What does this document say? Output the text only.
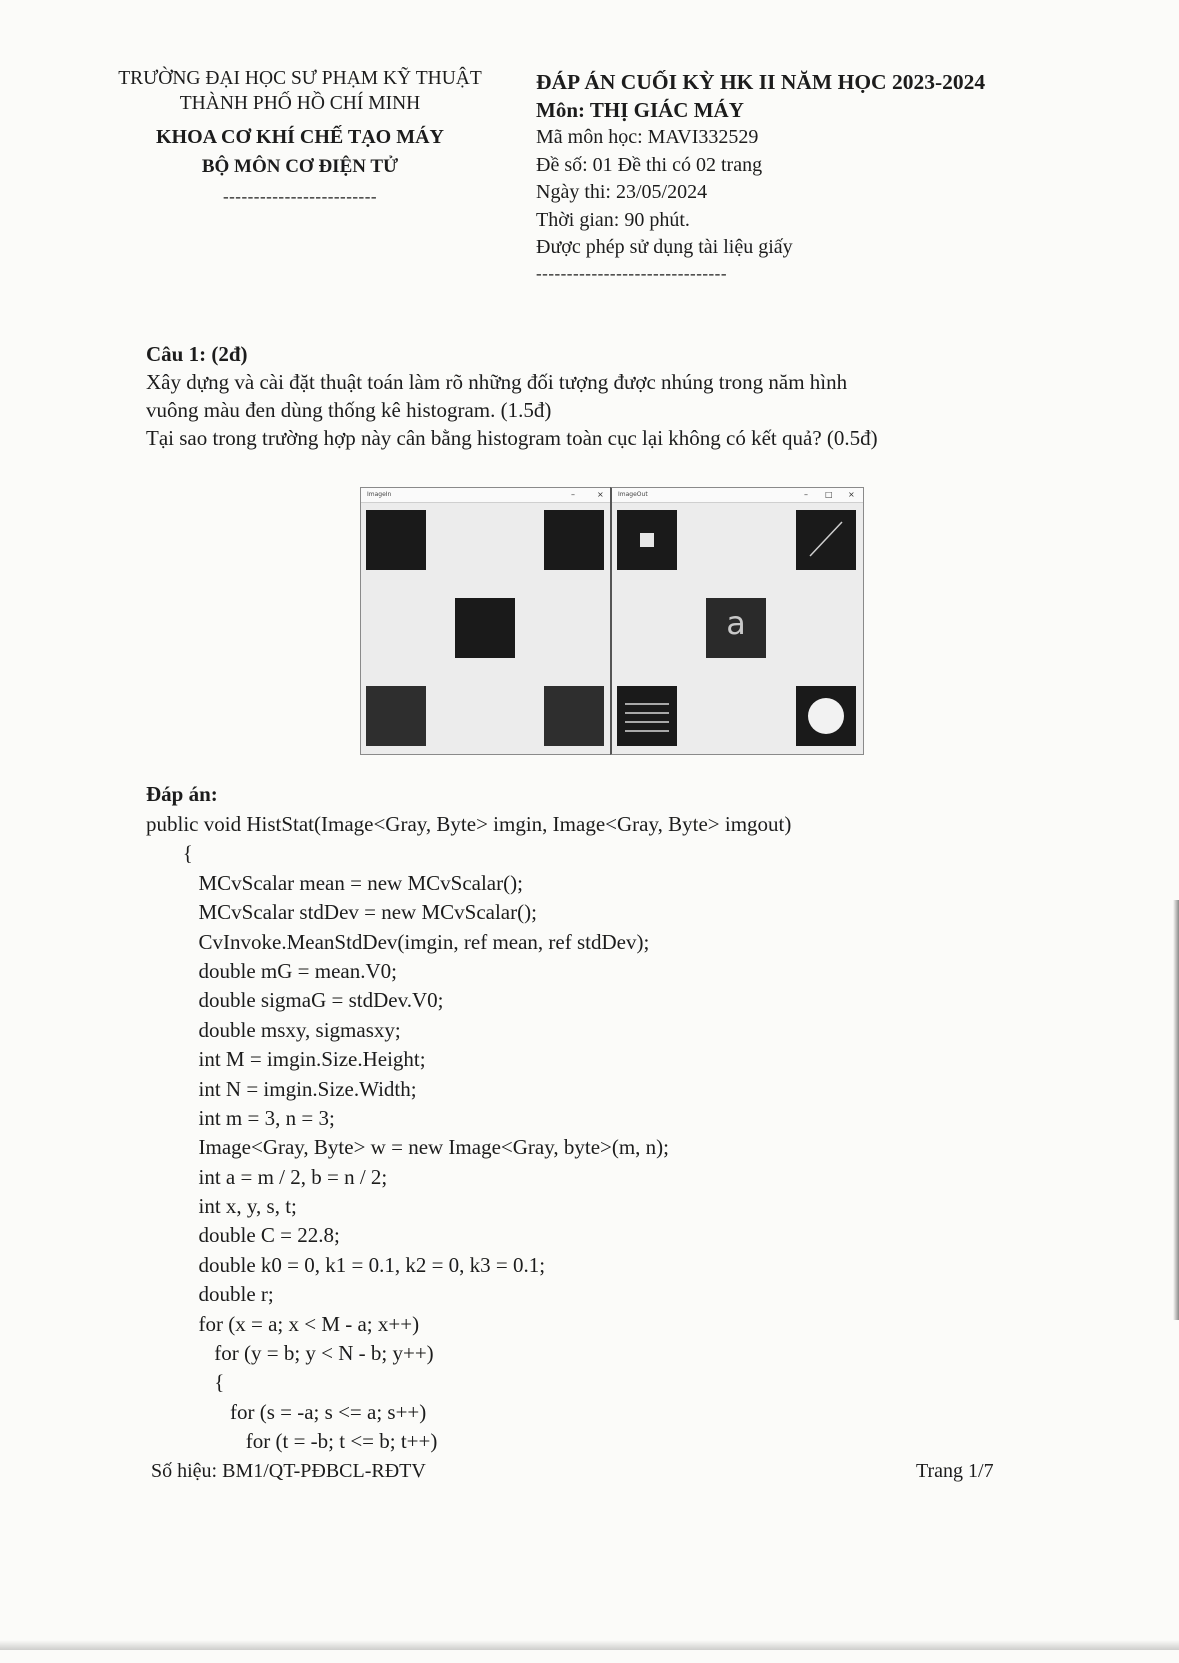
TRƯỜNG ĐẠI HỌC SƯ PHẠM KỸ THUẬT
THÀNH PHỐ HỒ CHÍ MINH
KHOA CƠ KHÍ CHẾ TẠO MÁY
BỘ MÔN CƠ ĐIỆN TỬ
-------------------------
ĐÁP ÁN CUỐI KỲ HK II NĂM HỌC 2023-2024
Môn: THỊ GIÁC MÁY
Mã môn học: MAVI332529
Đề số: 01 Đề thi có 02 trang
Ngày thi: 23/05/2024
Thời gian: 90 phút.
Được phép sử dụng tài liệu giấy
-------------------------------

Câu 1: (2đ)

Xây dựng và cài đặt thuật toán làm rõ những đối tượng được nhúng trong năm hình

vuông màu đen dùng thống kê histogram. (1.5đ)

Tại sao trong trường hợp này cân bằng histogram toàn cục lại không có kết quả? (0.5đ)

ImageIn	–	× ImageOut	– □ ×
a
Đáp án:
public void HistStat(Image<Gray, Byte> imgin, Image<Gray, Byte> imgout)
{
MCvScalar mean = new MCvScalar();
MCvScalar stdDev = new MCvScalar();
CvInvoke.MeanStdDev(imgin, ref mean, ref stdDev);
double mG = mean.V0;
double sigmaG = stdDev.V0;
double msxy, sigmasxy;
int M = imgin.Size.Height;
int N = imgin.Size.Width;
int m = 3, n = 3;
Image<Gray, Byte> w = new Image<Gray, byte>(m, n);
int a = m / 2, b = n / 2;
int x, y, s, t;
double C = 22.8;
double k0 = 0, k1 = 0.1, k2 = 0, k3 = 0.1;
double r;
for (x = a; x < M - a; x++)
for (y = b; y < N - b; y++)
{
for (s = -a; s <= a; s++)
for (t = -b; t <= b; t++)
Số hiệu: BM1/QT-PĐBCL-RĐTV	Trang 1/7
